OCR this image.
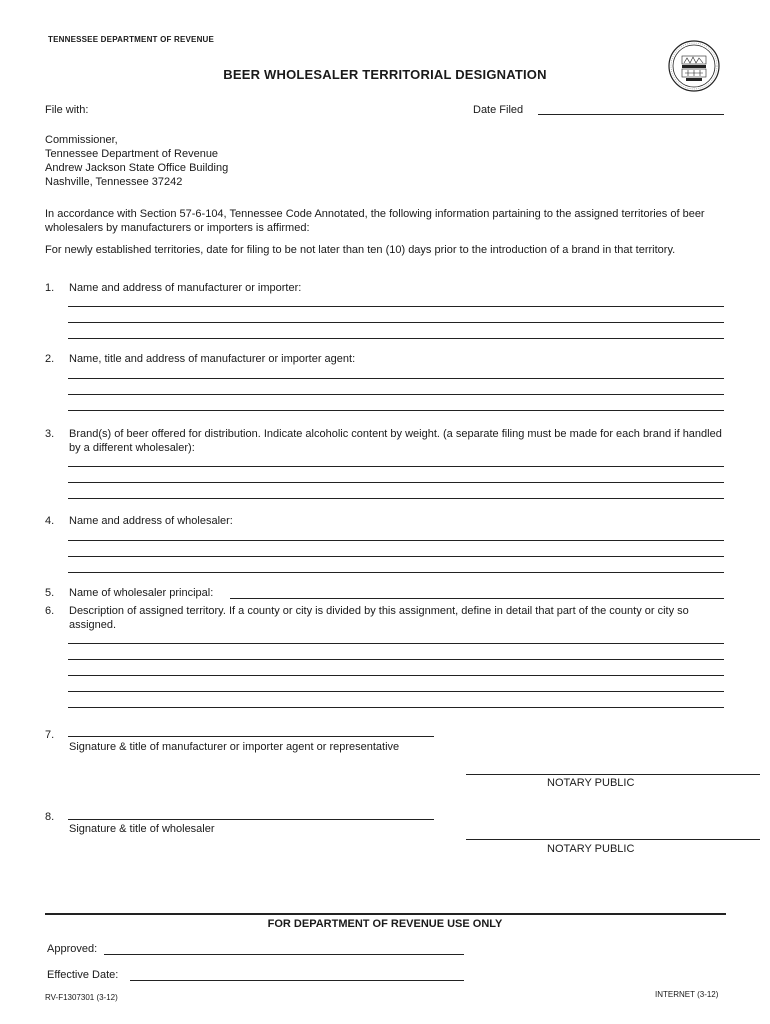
TENNESSEE DEPARTMENT OF REVENUE
BEER WHOLESALER TERRITORIAL DESIGNATION
File with:	Date Filed
Commissioner,
Tennessee Department of Revenue
Andrew Jackson State Office Building
Nashville, Tennessee 37242
In accordance with Section 57-6-104, Tennessee Code Annotated, the following information partaining to the assigned territories of beer wholesalers by manufacturers or importers is affirmed:
For newly established territories, date for filing to be not later than ten (10) days prior to the introduction of a brand in that territory.
1. Name and address of manufacturer or importer:
2. Name, title and address of manufacturer or importer agent:
3. Brand(s) of beer offered for distribution. Indicate alcoholic content by weight. (a separate filing must be made for each brand if handled by a different wholesaler):
4. Name and address of wholesaler:
5. Name of wholesaler principal:
6. Description of assigned territory. If a county or city is divided by this assignment, define in detail that part of the county or city so assigned.
7.
Signature & title of manufacturer or importer agent or representative
NOTARY PUBLIC
8.
Signature & title of wholesaler
NOTARY PUBLIC
FOR DEPARTMENT OF REVENUE USE ONLY
Approved:
Effective Date:
RV-F1307301 (3-12)	INTERNET (3-12)
